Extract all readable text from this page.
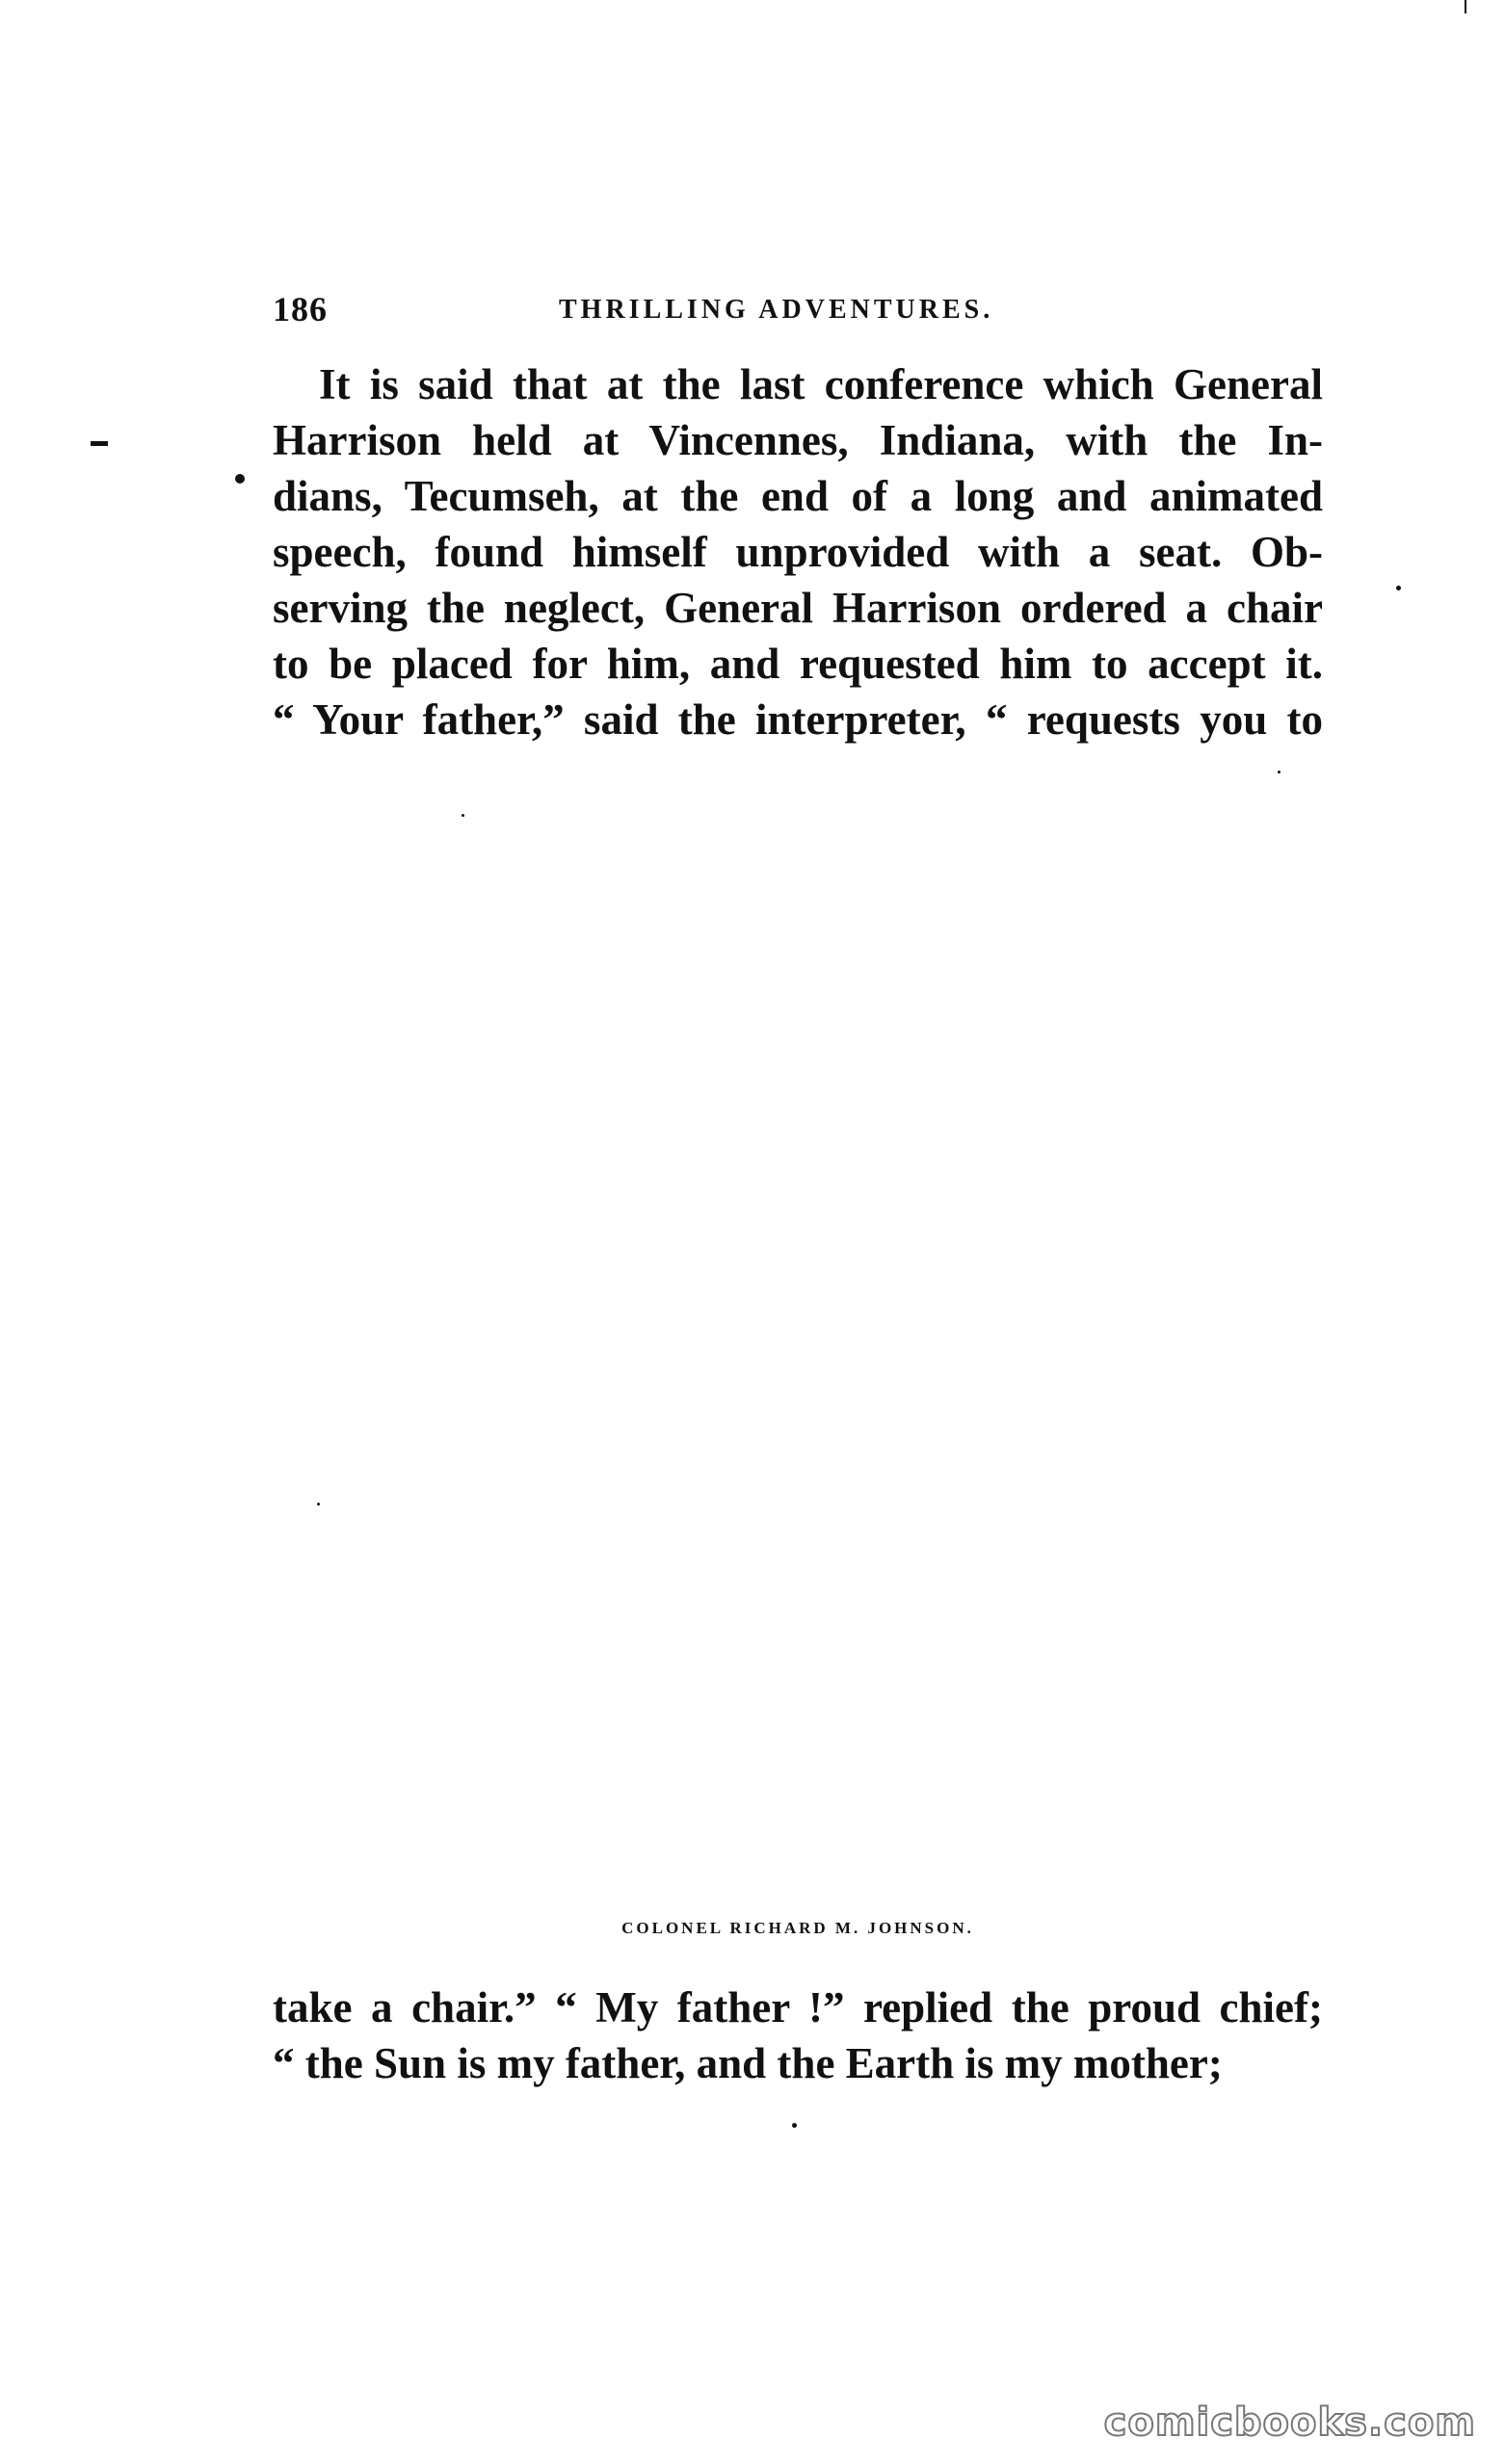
186	THRILLING ADVENTURES.
It is said that at the last conference which General
Harrison held at Vincennes, Indiana, with the In-
dians, Tecumseh, at the end of a long and animated
speech, found himself unprovided with a seat. Ob-
serving the neglect, General Harrison ordered a chair
to be placed for him, and requested him to accept it.
“ Your father,” said the interpreter, “ requests you to
COLONEL RICHARD M. JOHNSON.
take a chair.” “ My father !” replied the proud chief;
“ the Sun is my father, and the Earth is my mother;
comicbooks.com
